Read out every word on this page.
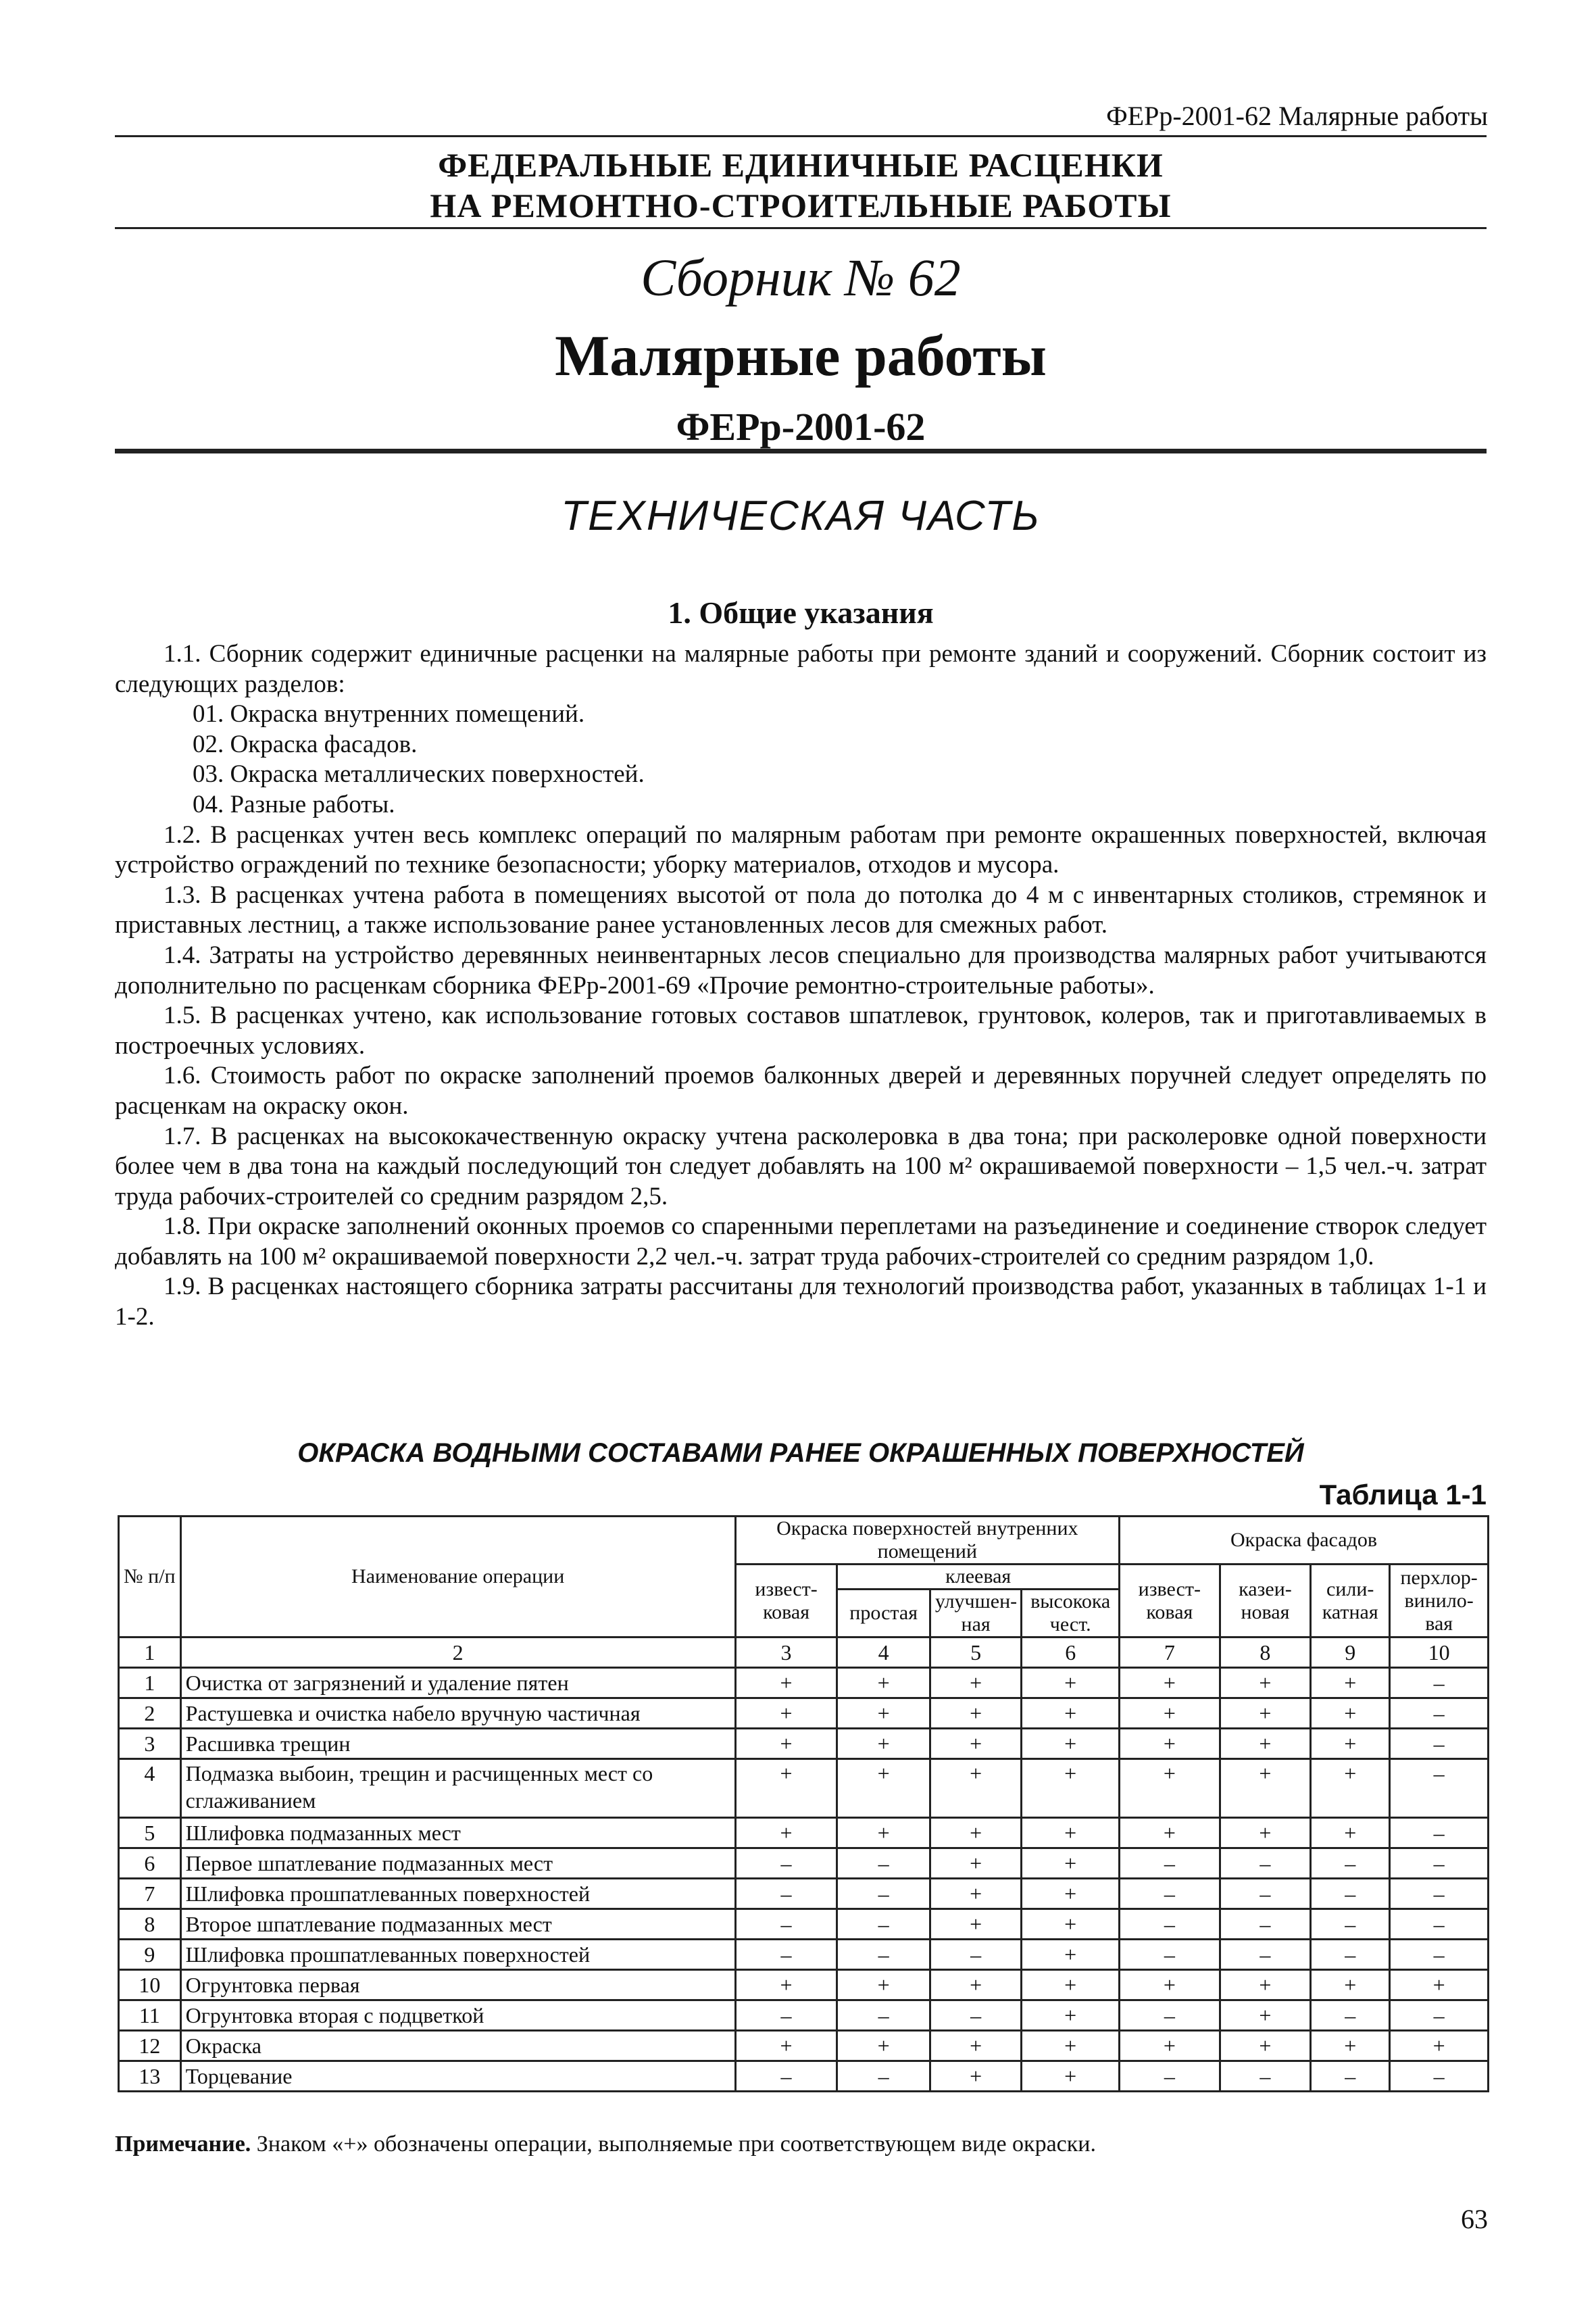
ФЕРр-2001-62 Малярные работы
ФЕДЕРАЛЬНЫЕ ЕДИНИЧНЫЕ РАСЦЕНКИ
НА РЕМОНТНО-СТРОИТЕЛЬНЫЕ РАБОТЫ
Сборник № 62
Малярные работы
ФЕРр-2001-62
ТЕХНИЧЕСКАЯ ЧАСТЬ
1. Общие указания

1.1. Сборник содержит единичные расценки на малярные работы при ремонте зданий и сооружений. Сборник состоит из следующих разделов:

01. Окраска внутренних помещений.

02. Окраска фасадов.

03. Окраска металлических поверхностей.

04. Разные работы.

1.2. В расценках учтен весь комплекс операций по малярным работам при ремонте окрашенных поверхностей, включая устройство ограждений по технике безопасности; уборку материалов, отходов и мусора.

1.3. В расценках учтена работа в помещениях высотой от пола до потолка до 4 м с инвентарных столиков, стремянок и приставных лестниц, а также использование ранее установленных лесов для смежных работ.

1.4. Затраты на устройство деревянных неинвентарных лесов специально для производства малярных работ учитываются дополнительно по расценкам сборника ФЕРр-2001-69 «Прочие ремонтно-строительные работы».

1.5. В расценках учтено, как использование готовых составов шпатлевок, грунтовок, колеров, так и приготавливаемых в построечных условиях.

1.6. Стоимость работ по окраске заполнений проемов балконных дверей и деревянных поручней следует определять по расценкам на окраску окон.

1.7. В расценках на высококачественную окраску учтена расколеровка в два тона; при расколеровке одной поверхности более чем в два тона на каждый последующий тон следует добавлять на 100 м² окрашиваемой поверхности – 1,5 чел.-ч. затрат труда рабочих-строителей со средним разрядом 2,5.

1.8. При окраске заполнений оконных проемов со спаренными переплетами на разъединение и соединение створок следует добавлять на 100 м² окрашиваемой поверхности 2,2 чел.-ч. затрат труда рабочих-строителей со средним разрядом 1,0.

1.9. В расценках настоящего сборника затраты рассчитаны для технологий производства работ, указанных в таблицах 1-1 и 1-2.

ОКРАСКА ВОДНЫМИ СОСТАВАМИ РАНЕЕ ОКРАШЕННЫХ ПОВЕРХНОСТЕЙ
Таблица 1-1
№ п/п	Наименование операции	Окраска поверхностей внутренних помещений				Окраска фасадов			
		извест-ковая	клеевая			извест-ковая	казеи-новая	сили-катная	перхлор-винило-вая
			простая	улучшен-ная	высокока чест.				
1	2	3	4	5	6	7	8	9	10
1	Очистка от загрязнений и удаление пятен	+	+	+	+	+	+	+	–
2	Растушевка и очистка набело вручную частичная	+	+	+	+	+	+	+	–
3	Расшивка трещин	+	+	+	+	+	+	+	–
4	Подмазка выбоин, трещин и расчищенных мест со сглаживанием	+	+	+	+	+	+	+	–
5	Шлифовка подмазанных мест	+	+	+	+	+	+	+	–
6	Первое шпатлевание подмазанных мест	–	–	+	+	–	–	–	–
7	Шлифовка прошпатлеванных поверхностей	–	–	+	+	–	–	–	–
8	Второе шпатлевание подмазанных мест	–	–	+	+	–	–	–	–
9	Шлифовка прошпатлеванных поверхностей	–	–	–	+	–	–	–	–
10	Огрунтовка первая	+	+	+	+	+	+	+	+
11	Огрунтовка вторая с подцветкой	–	–	–	+	–	+	–	–
12	Окраска	+	+	+	+	+	+	+	+
13	Торцевание	–	–	+	+	–	–	–	–
Примечание. Знаком «+» обозначены операции, выполняемые при соответствующем виде окраски.
63
